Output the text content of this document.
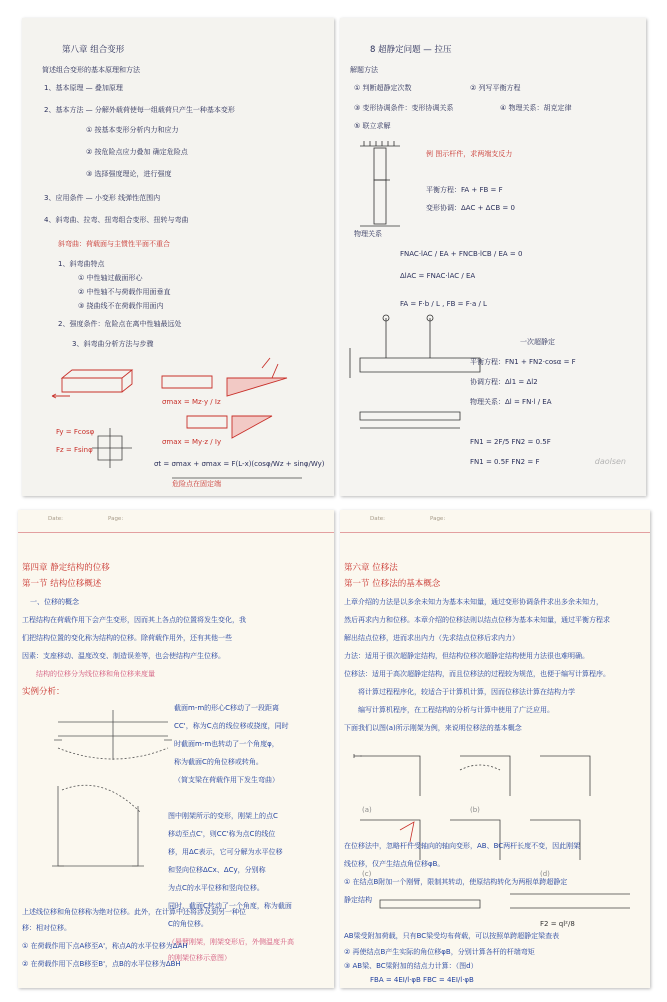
第八章 组合变形
简述组合变形的基本原理和方法
1、基本原理 — 叠加原理
2、基本方法 — 分解外载荷使每一组载荷只产生一种基本变形
① 按基本变形分析内力和应力
② 按危险点应力叠加 确定危险点
③ 选择强度理论，进行强度
3、应用条件 — 小变形 线弹性范围内
4、斜弯曲、拉弯、扭弯组合变形、扭转与弯曲
斜弯曲：荷载面与主惯性平面不重合
1、斜弯曲特点
① 中性轴过截面形心
② 中性轴不与荷载作用面垂直
③ 挠曲线不在荷载作用面内
2、强度条件：危险点在离中性轴最远处
3、斜弯曲分析方法与步骤
σmax = Mz·y / Iz
σmax = My·z / Iy
Fy = Fcosφ
Fz = Fsinφ
σt = σmax + σmax = F(L-x)(cosφ/Wz + sinφ/Wy)
危险点在固定端
8 超静定问题 — 拉压
解题方法
① 判断超静定次数	② 列写平衡方程
③ 变形协调条件：变形协调关系	④ 物理关系：胡克定律
⑤ 联立求解
例 图示杆件，求两端支反力
平衡方程：FA + FB = F
变形协调：ΔAC + ΔCB = 0
物理关系
FNAC·lAC / EA + FNCB·lCB / EA = 0
ΔlAC = FNAC·lAC / EA
FA = F·b / L , FB = F·a / L
一次超静定
平衡方程：FN1 + FN2·cosα = F
协调方程：Δl1 = Δl2
物理关系：Δl = FN·l / EA
FN1 = 2F/5 FN2 = 0.5F
FN1 = 0.5F FN2 = F	daolsen
Date:	Page:
第四章 静定结构的位移
第一节 结构位移概述
一、位移的概念
工程结构在荷载作用下会产生变形，因而其上各点的位置将发生变化，我
们把结构位置的变化称为结构的位移。除荷载作用外，还有其他一些
因素：支座移动、温度改变、制造误差等，也会使结构产生位移。
结构的位移分为线位移和角位移来度量
实例分析：
截面m-m的形心C移动了一段距离
CC'，称为C点的线位移或挠度，同时
时截面m-m也转动了一个角度φ，
称为截面C的角位移或转角。
（简支梁在荷载作用下发生弯曲）
图中刚架所示的变形，刚架上的点C
移动至点C'，则CC'称为点C的线位
移，用ΔC表示，它可分解为水平位移
和竖向位移ΔCx、ΔCy，分别称
为点C的水平位移和竖向位移。
同时，截面C转动了一个角度，称为截面
C的角位移。
（悬臂刚架，刚架变形后，外侧温度升高
的刚架位移示意图）
上述线位移和角位移称为绝对位移。此外，在计算中还将涉及到另一种位
移：相对位移。
① 在荷载作用下点A移至A'，称点A的水平位移为ΔAH
② 在荷载作用下点B移至B'，点B的水平位移为ΔBH
Date:	Page:
第六章 位移法
第一节 位移法的基本概念
上章介绍的力法是以多余未知力为基本未知量，通过变形协调条件求出多余未知力，
然后再求内力和位移。本章介绍的位移法则以结点位移为基本未知量，通过平衡方程求
解出结点位移，进而求出内力（先求结点位移后求内力）
力法：适用于很次超静定结构，但结构位移次超静定结构使用力法很也难明确。
位移法：适用于高次超静定结构，而且位移法的过程较为规范，也便于编写计算程序。
将计算过程程序化，较适合于计算机计算，因而位移法计算在结构力学
编写计算机程序，在工程结构的分析与计算中使用了广泛应用。
下面我们以图(a)所示刚架为例，来说明位移法的基本概念
(a)	(b)
(c)	(d)
在位移法中，忽略杆件受轴向的轴向变形，AB、BC两杆长度不变，因此刚架
线位移，仅产生结点角位移φB。
① 在结点B附加一个刚臂，限制其转动，使原结构转化为两根单跨超静定
静定结构
F2 = ql²/8
AB梁受附加荷载，只有BC梁受均布荷载，可以按照单跨超静定梁查表
② 再使结点B产生实际的角位移φB，分别计算各杆的杆端弯矩
③ AB梁、BC梁附加的结点力计算：（图d）
FBA = 4EI/l·φB FBC = 4EI/l·φB
